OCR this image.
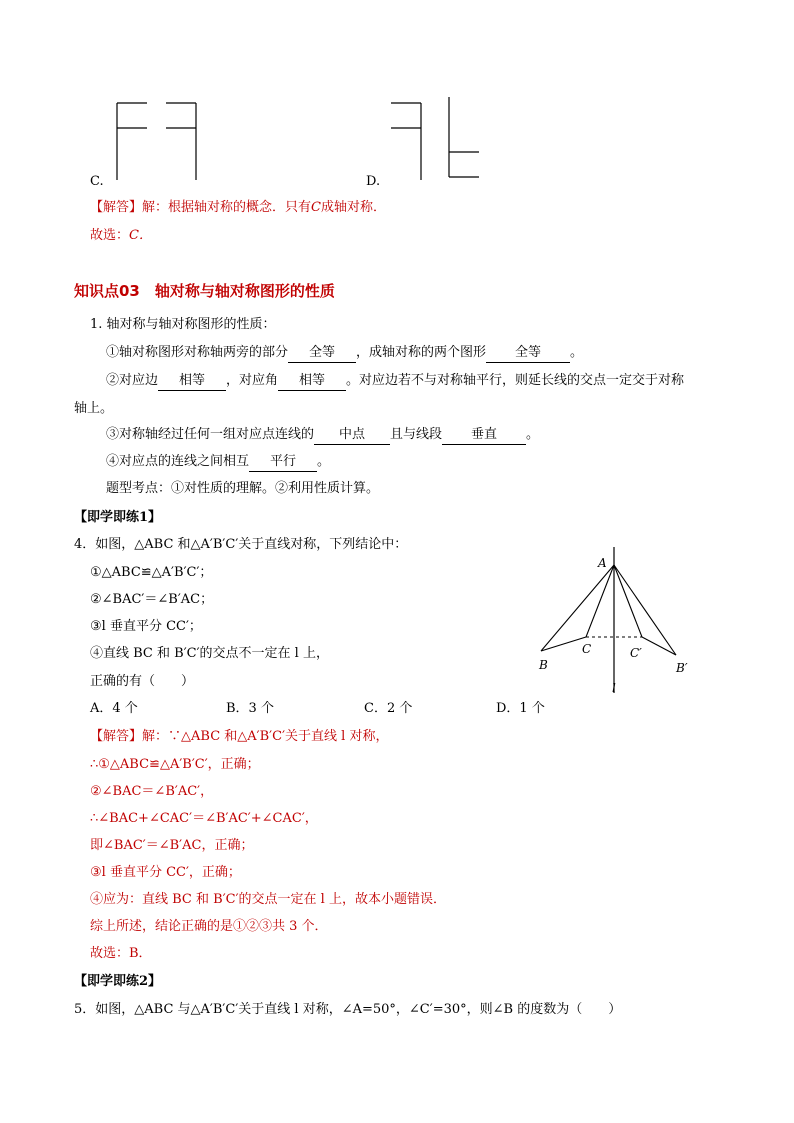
C.	D.
【解答】解：根据轴对称的概念．只有C成轴对称．
故选：C．
知识点03　轴对称与轴对称图形的性质
1. 轴对称与轴对称图形的性质：
①轴对称图形对称轴两旁的部分 全等 ，成轴对称的两个图形 全等 。
②对应边 相等 ，对应角 相等 。对应边若不与对称轴平行，则延长线的交点一定交于对称
轴上。
③对称轴经过任何一组对应点连线的 中点 且与线段 垂直 。
④对应点的连线之间相互 平行 。
题型考点：①对性质的理解。②利用性质计算。
【即学即练1】
4．如图，△ABC 和△A′B′C′关于直线对称，下列结论中：
①△ABC≌△A′B′C′；
②∠BAC′＝∠B′AC；
③l 垂直平分 CC′；
④直线 BC 和 B′C′的交点不一定在 l 上，
正确的有（　　）
A．4 个	B．3 个	C．2 个	D．1 个
A
B
C	C′
B′
l
【解答】解：∵△ABC 和△A′B′C′关于直线 l 对称，
∴①△ABC≌△A′B′C′，正确；
②∠BAC＝∠B′AC′，
∴∠BAC+∠CAC′＝∠B′AC′+∠CAC′，
即∠BAC′＝∠B′AC，正确；
③l 垂直平分 CC′，正确；
④应为：直线 BC 和 B′C′的交点一定在 l 上，故本小题错误．
综上所述，结论正确的是①②③共 3 个．
故选：B．
【即学即练2】
5．如图，△ABC 与△A′B′C′关于直线 l 对称，∠A=50°，∠C′=30°，则∠B 的度数为（　　）
